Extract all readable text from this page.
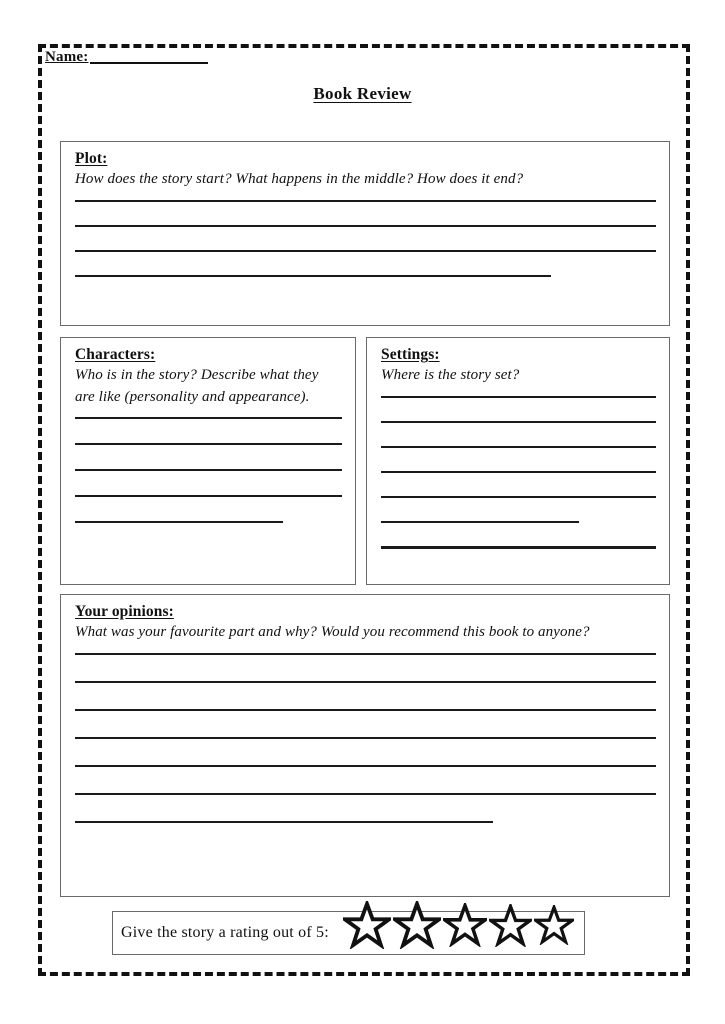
Name:
Book Review
Plot:
How does the story start? What happens in the middle? How does it end?
Characters:
Who is in the story? Describe what they are like (personality and appearance).
Settings:
Where is the story set?
Your opinions:
What was your favourite part and why? Would you recommend this book to anyone?
Give the story a rating out of 5:
